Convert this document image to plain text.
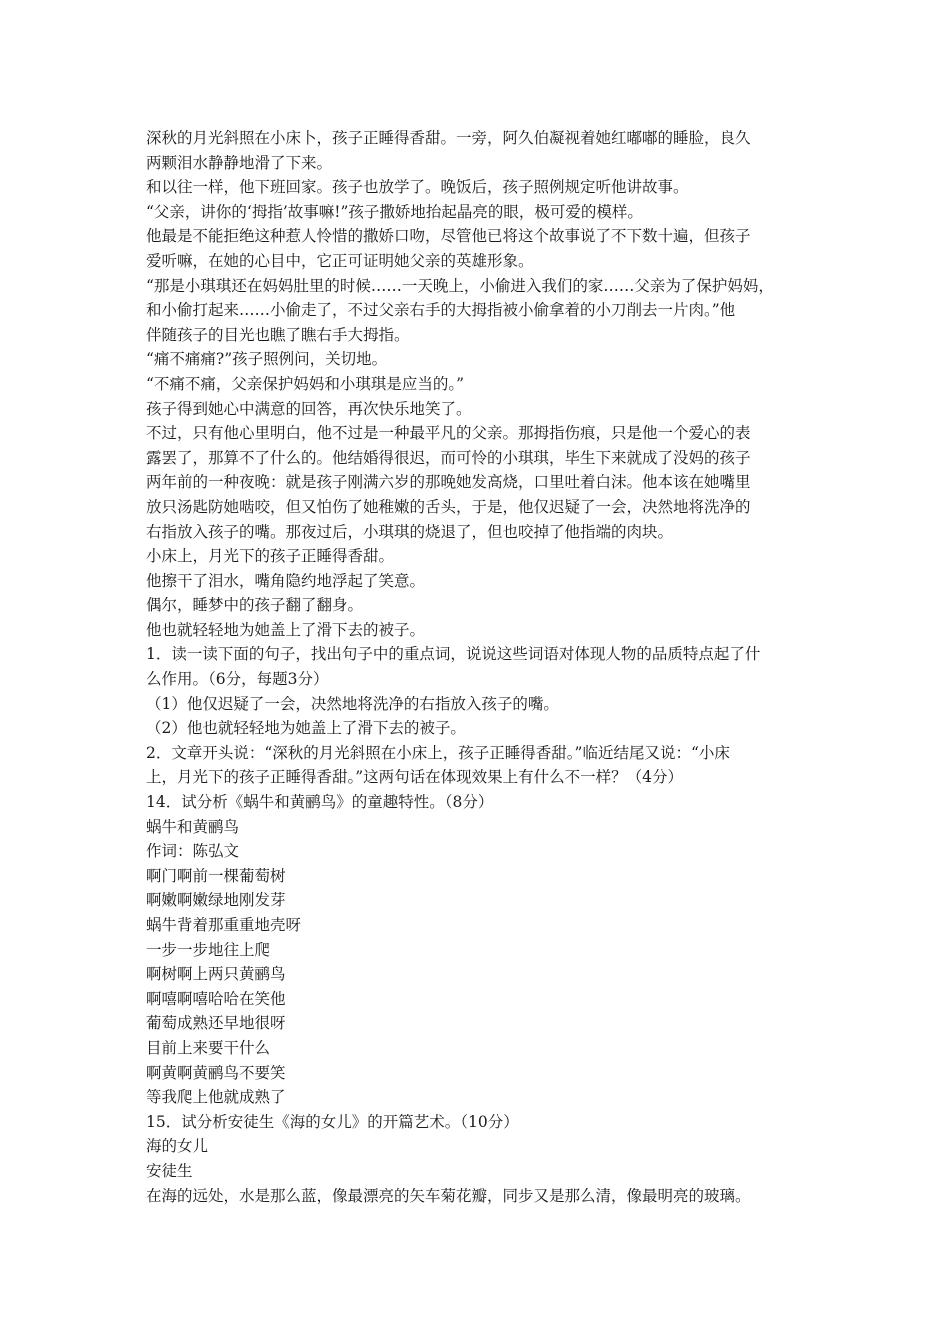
深秋的月光斜照在小床卜，孩子正睡得香甜。一旁，阿久伯凝视着她红嘟嘟的睡脸，良久
两颗泪水静静地滑了下来。
和以往一样，他下班回家。孩子也放学了。晚饭后，孩子照例规定听他讲故事。
“父亲，讲你的‘拇指’故事嘛!”孩子撒娇地抬起晶亮的眼，极可爱的模样。
他最是不能拒绝这种惹人怜惜的撒娇口吻，尽管他已将这个故事说了不下数十遍，但孩子
爱听嘛，在她的心目中，它正可证明她父亲的英雄形象。
“那是小琪琪还在妈妈肚里的时候……一天晚上，小偷进入我们的家……父亲为了保护妈妈，
和小偷打起来……小偷走了，不过父亲右手的大拇指被小偷拿着的小刀削去一片肉。”他
伴随孩子的目光也瞧了瞧右手大拇指。
“痛不痛痛?”孩子照例问，关切地。
“不痛不痛，父亲保护妈妈和小琪琪是应当的。”
孩子得到她心中满意的回答，再次快乐地笑了。
不过，只有他心里明白，他不过是一种最平凡的父亲。那拇指伤痕，只是他一个爱心的表
露罢了，那算不了什么的。他结婚得很迟，而可怜的小琪琪，毕生下来就成了没妈的孩子
两年前的一种夜晚：就是孩子刚满六岁的那晚她发高烧，口里吐着白沫。他本该在她嘴里
放只汤匙防她啮咬，但又怕伤了她稚嫩的舌头，于是，他仅迟疑了一会，决然地将洗净的
右指放入孩子的嘴。那夜过后，小琪琪的烧退了，但也咬掉了他指端的肉块。
小床上，月光下的孩子正睡得香甜。
他擦干了泪水，嘴角隐约地浮起了笑意。
偶尔，睡梦中的孩子翻了翻身。
他也就轻轻地为她盖上了滑下去的被子。
1．读一读下面的句子，找出句子中的重点词，说说这些词语对体现人物的品质特点起了什
么作用。（6分，每题3分）
（1）他仅迟疑了一会，决然地将洗净的右指放入孩子的嘴。
（2）他也就轻轻地为她盖上了滑下去的被子。
2．文章开头说：“深秋的月光斜照在小床上，孩子正睡得香甜。”临近结尾又说：“小床
上，月光下的孩子正睡得香甜。”这两句话在体现效果上有什么不一样？（4分）
14．试分析《蜗牛和黄鹂鸟》的童趣特性。（8分）
蜗牛和黄鹂鸟
作词：陈弘文
啊门啊前一棵葡萄树
啊嫩啊嫩绿地刚发芽
蜗牛背着那重重地壳呀
一步一步地往上爬
啊树啊上两只黄鹂鸟
啊嘻啊嘻哈哈在笑他
葡萄成熟还早地很呀
目前上来要干什么
啊黄啊黄鹂鸟不要笑
等我爬上他就成熟了
15．试分析安徒生《海的女儿》的开篇艺术。（10分）
海的女儿
安徒生
在海的远处，水是那么蓝，像最漂亮的矢车菊花瓣，同步又是那么清，像最明亮的玻璃。
